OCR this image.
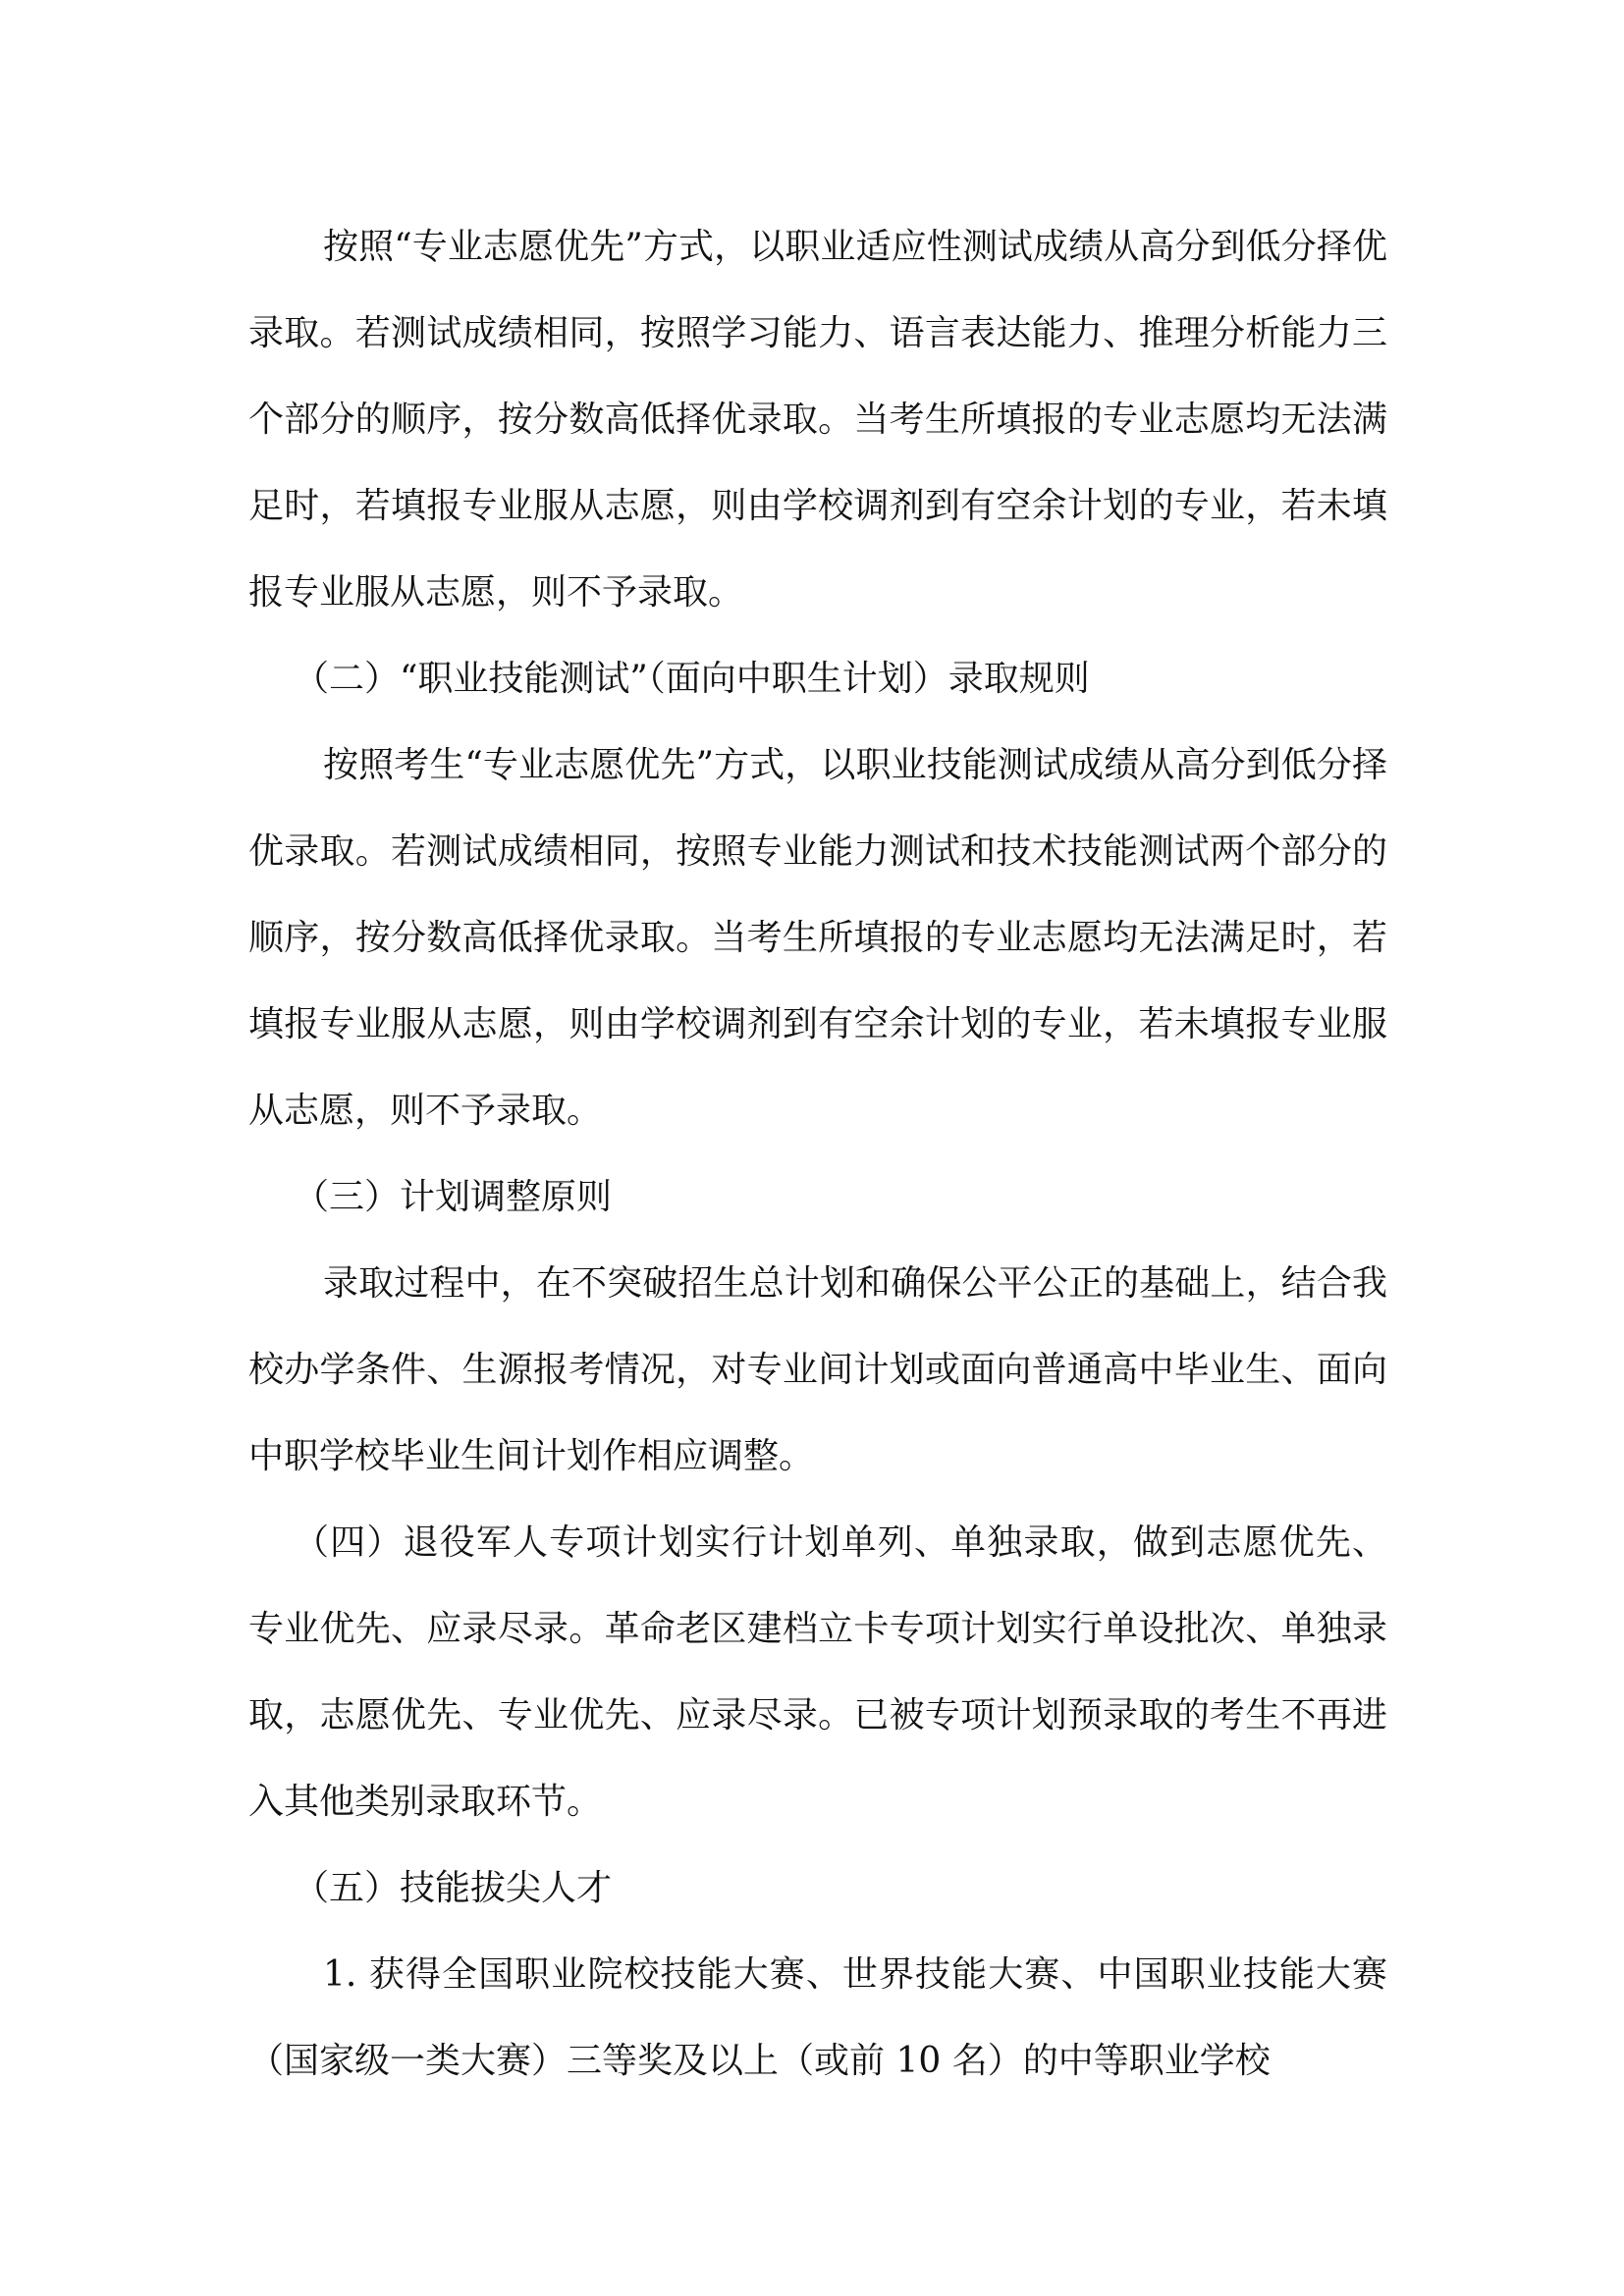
按照“专业志愿优先”方式，以职业适应性测试成绩从高分到低分择优录取。若测试成绩相同，按照学习能力、语言表达能力、推理分析能力三个部分的顺序，按分数高低择优录取。当考生所填报的专业志愿均无法满足时，若填报专业服从志愿，则由学校调剂到有空余计划的专业，若未填报专业服从志愿，则不予录取。

（二）“职业技能测试”（面向中职生计划）录取规则

按照考生“专业志愿优先”方式，以职业技能测试成绩从高分到低分择优录取。若测试成绩相同，按照专业能力测试和技术技能测试两个部分的顺序，按分数高低择优录取。当考生所填报的专业志愿均无法满足时，若填报专业服从志愿，则由学校调剂到有空余计划的专业，若未填报专业服从志愿，则不予录取。

（三）计划调整原则

录取过程中，在不突破招生总计划和确保公平公正的基础上，结合我校办学条件、生源报考情况，对专业间计划或面向普通高中毕业生、面向中职学校毕业生间计划作相应调整。

（四）退役军人专项计划实行计划单列、单独录取，做到志愿优先、专业优先、应录尽录。革命老区建档立卡专项计划实行单设批次、单独录取，志愿优先、专业优先、应录尽录。已被专项计划预录取的考生不再进入其他类别录取环节。

（五）技能拔尖人才

1. 获得全国职业院校技能大赛、世界技能大赛、中国职业技能大赛（国家级一类大赛）三等奖及以上（或前 10 名）的中等职业学校
